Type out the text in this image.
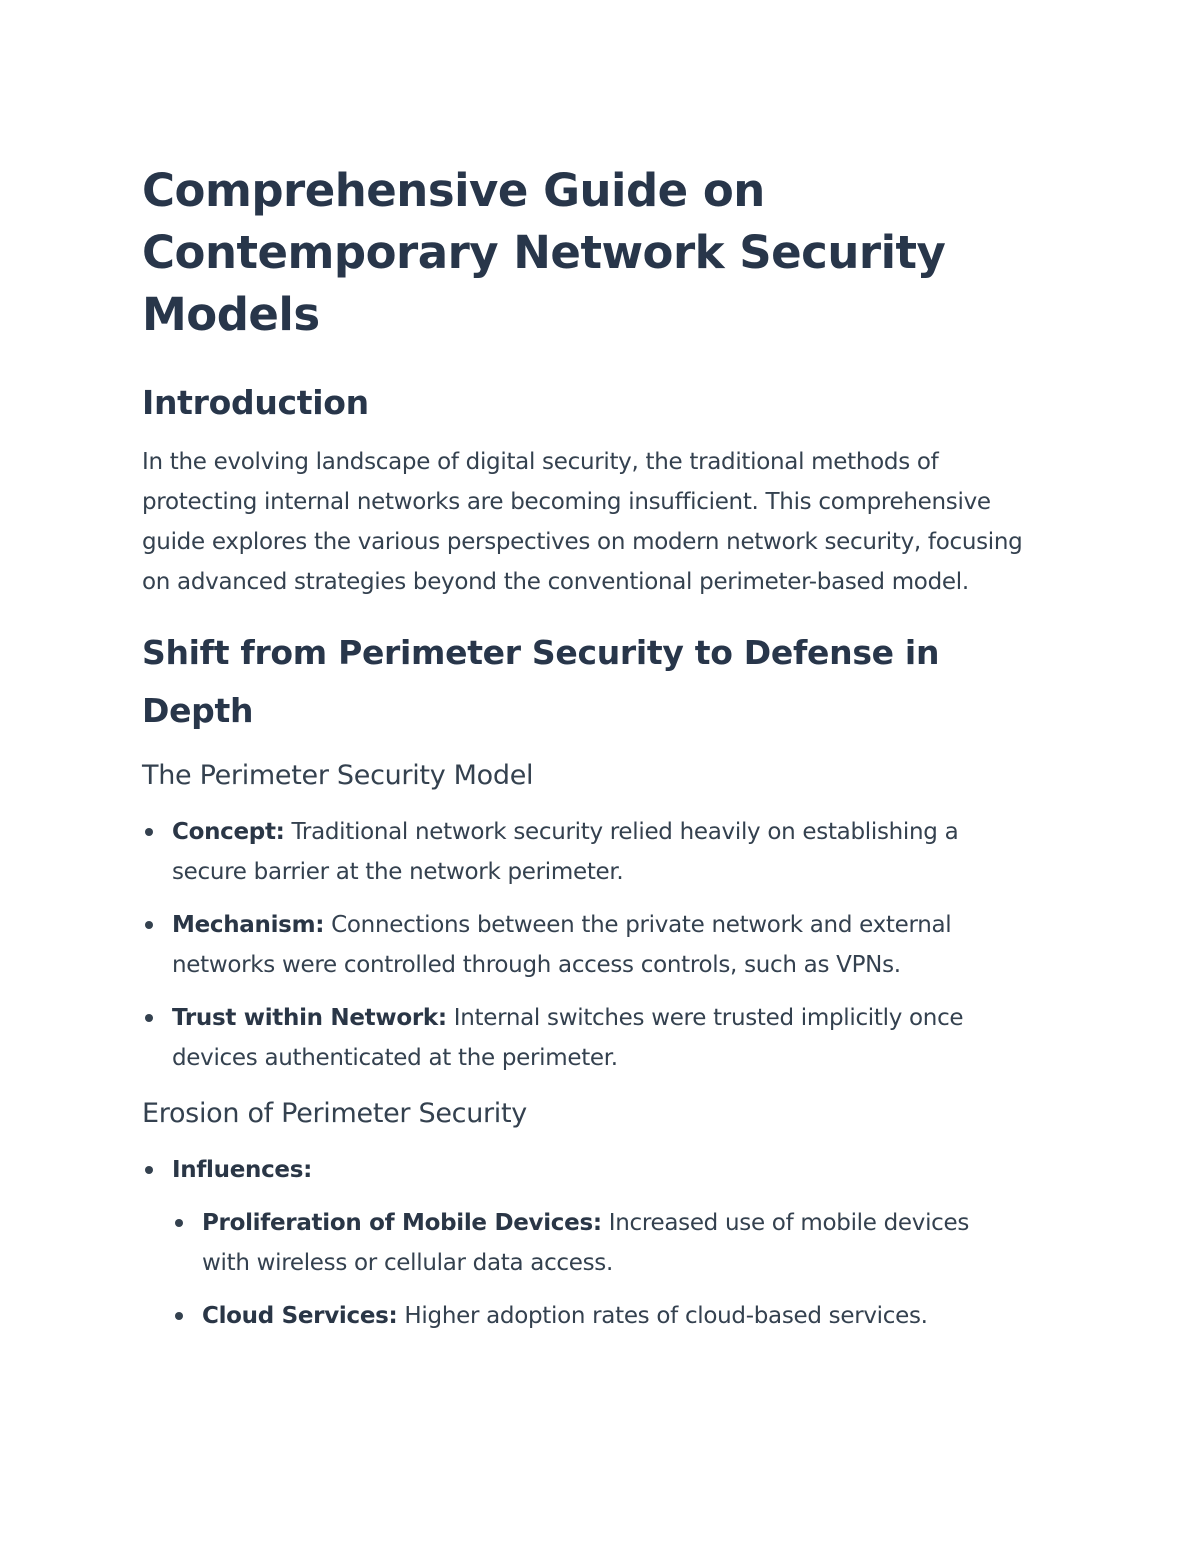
Comprehensive Guide on Contemporary Network Security Models
Introduction

In the evolving landscape of digital security, the traditional methods of protecting internal networks are becoming insufficient. This comprehensive guide explores the various perspectives on modern network security, focusing on advanced strategies beyond the conventional perimeter-based model.

Shift from Perimeter Security to Defense in Depth
The Perimeter Security Model
Concept: Traditional network security relied heavily on establishing a secure barrier at the network perimeter.
Mechanism: Connections between the private network and external networks were controlled through access controls, such as VPNs.
Trust within Network: Internal switches were trusted implicitly once devices authenticated at the perimeter.
Erosion of Perimeter Security
Influences:
Proliferation of Mobile Devices: Increased use of mobile devices with wireless or cellular data access.
Cloud Services: Higher adoption rates of cloud-based services.
